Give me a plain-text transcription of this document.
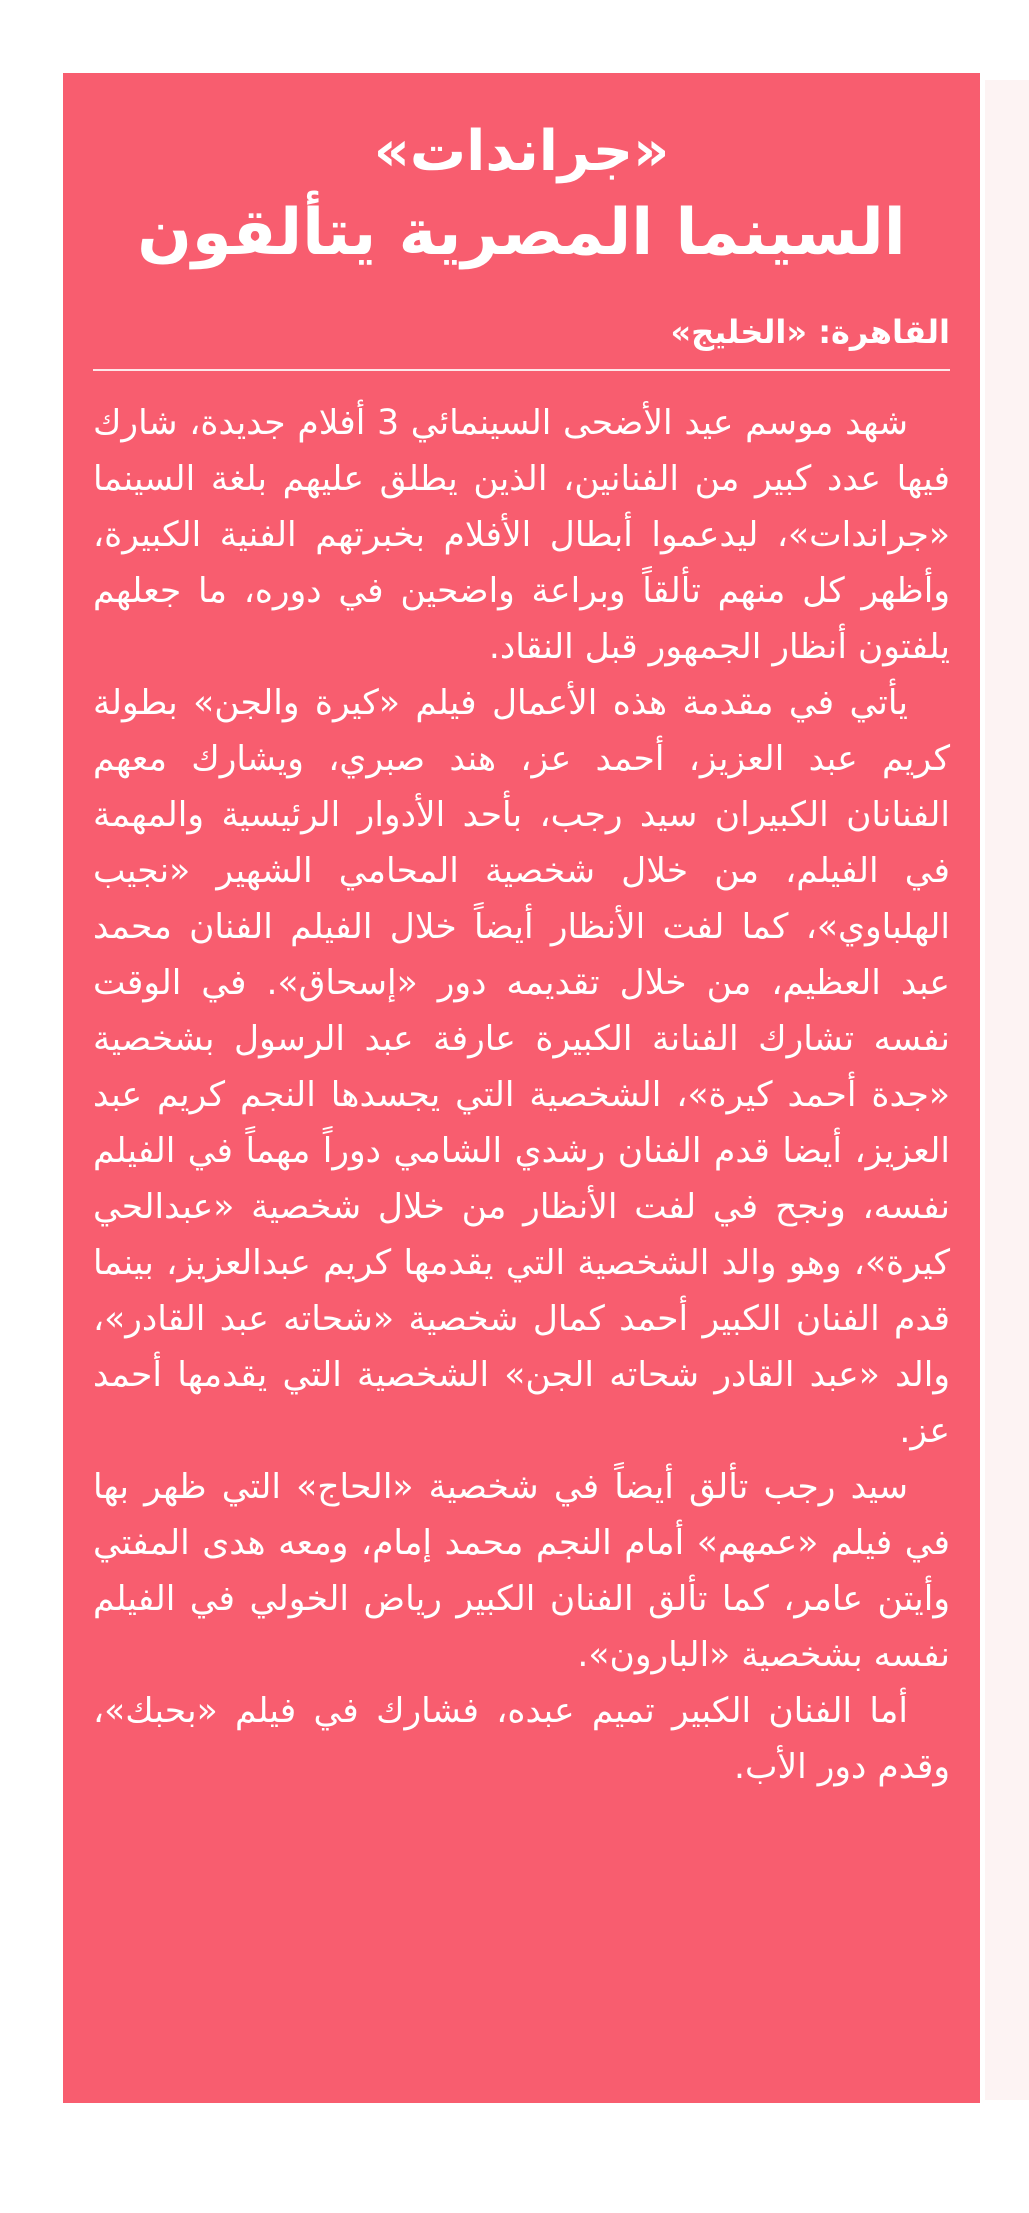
«جراندات»
السينما المصرية يتألقون
القاهرة: «الخليج»

شهد موسم عيد الأضحى السينمائي 3 أفلام جديدة، شارك فيها عدد كبير من الفنانين، الذين يطلق عليهم بلغة السينما «جراندات»، ليدعموا أبطال الأفلام بخبرتهم الفنية الكبيرة، وأظهر كل منهم تألقاً وبراعة واضحين في دوره، ما جعلهم يلفتون أنظار الجمهور قبل النقاد.

يأتي في مقدمة هذه الأعمال فيلم «كيرة والجن» بطولة كريم عبد العزيز، أحمد عز، هند صبري، ويشارك معهم الفنانان الكبيران سيد رجب، بأحد الأدوار الرئيسية والمهمة في الفيلم، من خلال شخصية المحامي الشهير «نجيب الهلباوي»، كما لفت الأنظار أيضاً خلال الفيلم الفنان محمد عبد العظيم، من خلال تقديمه دور «إسحاق». في الوقت نفسه تشارك الفنانة الكبيرة عارفة عبد الرسول بشخصية «جدة أحمد كيرة»، الشخصية التي يجسدها النجم كريم عبد العزيز، أيضا قدم الفنان رشدي الشامي دوراً مهماً في الفيلم نفسه، ونجح في لفت الأنظار من خلال شخصية «عبدالحي كيرة»، وهو والد الشخصية التي يقدمها كريم عبدالعزيز، بينما قدم الفنان الكبير أحمد كمال شخصية «شحاته عبد القادر»، والد «عبد القادر شحاته الجن» الشخصية التي يقدمها أحمد عز.

سيد رجب تألق أيضاً في شخصية «الحاج» التي ظهر بها في فيلم «عمهم» أمام النجم محمد إمام، ومعه هدى المفتي وأيتن عامر، كما تألق الفنان الكبير رياض الخولي في الفيلم نفسه بشخصية «البارون».

أما الفنان الكبير تميم عبده، فشارك في فيلم «بحبك»، وقدم دور الأب.
